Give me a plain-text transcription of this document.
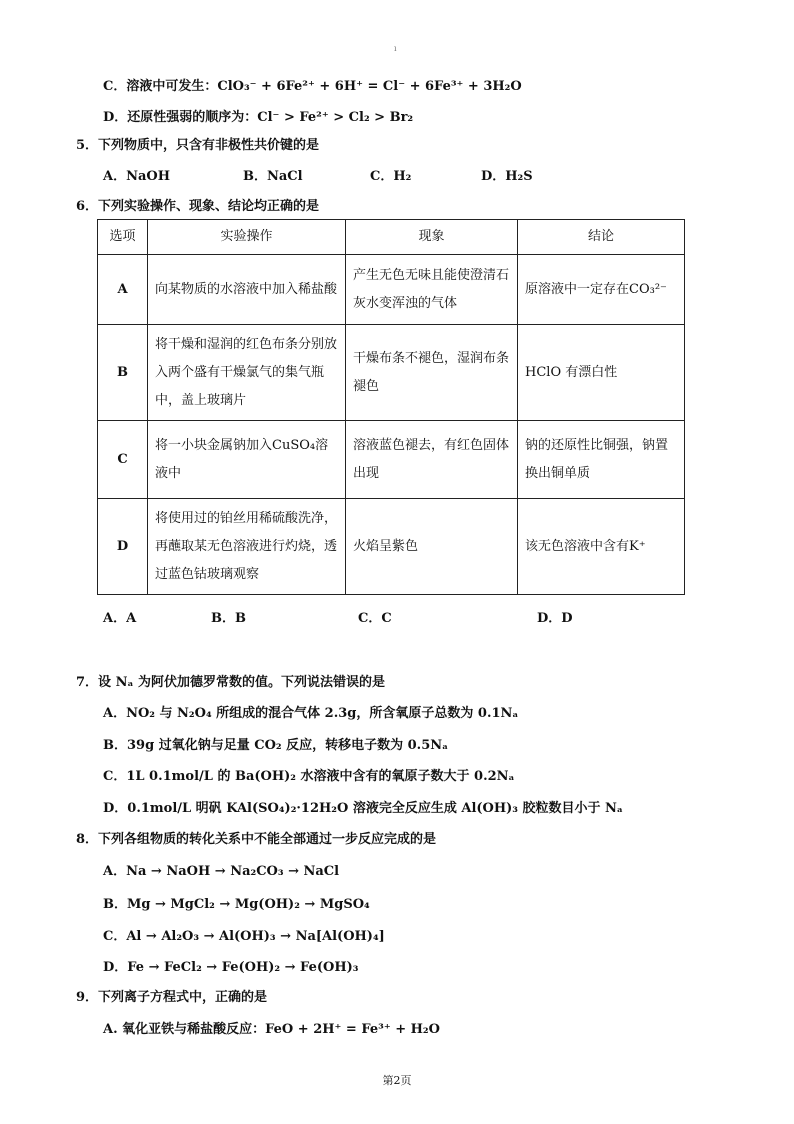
ı
C．溶液中可发生：ClO₃⁻ + 6Fe²⁺ + 6H⁺ = Cl⁻ + 6Fe³⁺ + 3H₂O
D．还原性强弱的顺序为：Cl⁻ > Fe²⁺ > Cl₂ > Br₂
5．下列物质中，只含有非极性共价键的是
A．NaOH	B．NaCl	C．H₂	D．H₂S
6．下列实验操作、现象、结论均正确的是
选项	实验操作	现象	结论
A	向某物质的水溶液中加入稀盐酸	产生无色无味且能使澄清石灰水变浑浊的气体	原溶液中一定存在CO₃²⁻
B	将干燥和湿润的红色布条分别放入两个盛有干燥氯气的集气瓶中，盖上玻璃片	干燥布条不褪色，湿润布条褪色	HClO 有漂白性
C	将一小块金属钠加入CuSO₄溶液中	溶液蓝色褪去，有红色固体出现	钠的还原性比铜强，钠置换出铜单质
D	将使用过的铂丝用稀硫酸洗净，再蘸取某无色溶液进行灼烧，透过蓝色钴玻璃观察	火焰呈紫色	该无色溶液中含有K⁺
A．A	B．B	C．C	D．D
7．设 Nₐ 为阿伏加德罗常数的值。下列说法错误的是
A．NO₂ 与 N₂O₄ 所组成的混合气体 2.3g，所含氧原子总数为 0.1Nₐ
B．39g 过氧化钠与足量 CO₂ 反应，转移电子数为 0.5Nₐ
C．1L 0.1mol/L 的 Ba(OH)₂ 水溶液中含有的氧原子数大于 0.2Nₐ
D．0.1mol/L 明矾 KAl(SO₄)₂·12H₂O 溶液完全反应生成 Al(OH)₃ 胶粒数目小于 Nₐ
8．下列各组物质的转化关系中不能全部通过一步反应完成的是
A．Na → NaOH → Na₂CO₃ → NaCl
B．Mg → MgCl₂ → Mg(OH)₂ → MgSO₄
C．Al → Al₂O₃ → Al(OH)₃ → Na[Al(OH)₄]
D．Fe → FeCl₂ → Fe(OH)₂ → Fe(OH)₃
9．下列离子方程式中，正确的是
A. 氧化亚铁与稀盐酸反应：FeO + 2H⁺ = Fe³⁺ + H₂O
第2页
